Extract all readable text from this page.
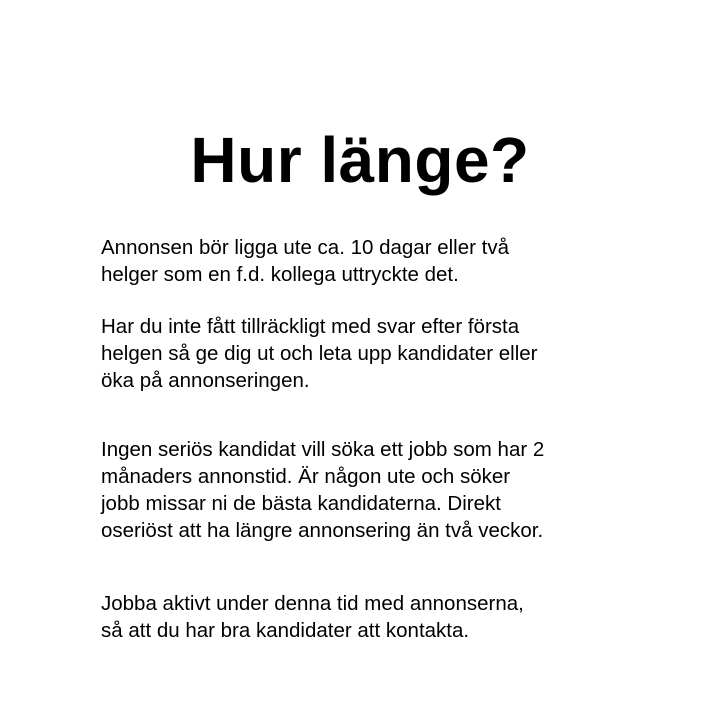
Hur länge?

Annonsen bör ligga ute ca. 10 dagar eller två
helger som en f.d. kollega uttryckte det.

Har du inte fått tillräckligt med svar efter första
helgen så ge dig ut och leta upp kandidater eller
öka på annonseringen.

Ingen seriös kandidat vill söka ett jobb som har 2
månaders annonstid. Är någon ute och söker
jobb missar ni de bästa kandidaterna. Direkt
oseriöst att ha längre annonsering än två veckor.

Jobba aktivt under denna tid med annonserna,
så att du har bra kandidater att kontakta.
